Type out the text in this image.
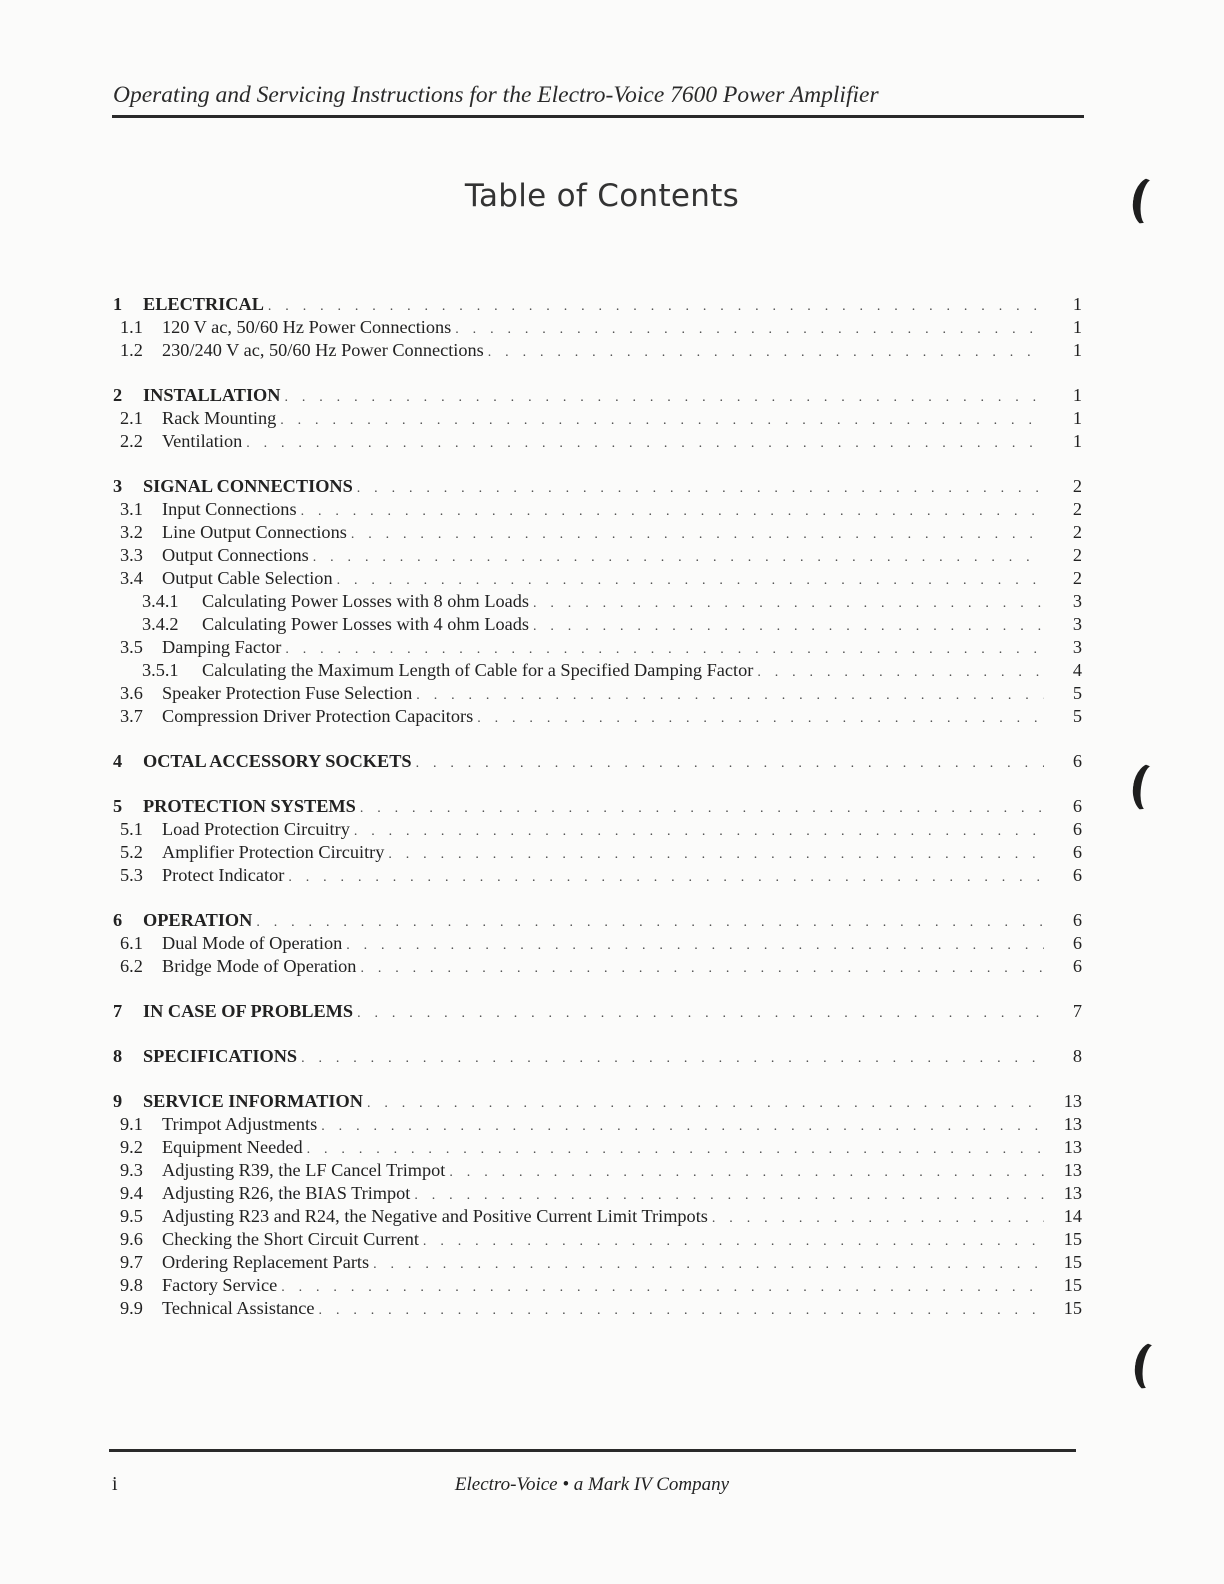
Operating and Servicing Instructions for the Electro-Voice 7600 Power Amplifier
Table of Contents
1	ELECTRICAL . . .	1
1.1	120 V ac, 50/60 Hz Power Connections . . .	1
1.2	230/240 V ac, 50/60 Hz Power Connections . . .	1
2	INSTALLATION . . .	1
2.1	Rack Mounting . . .	1
2.2	Ventilation . . .	1
3	SIGNAL CONNECTIONS . . .	2
3.1	Input Connections . . .	2
3.2	Line Output Connections . . .	2
3.3	Output Connections . . .	2
3.4	Output Cable Selection . . .	2
3.4.1	Calculating Power Losses with 8 ohm Loads . . .	3
3.4.2	Calculating Power Losses with 4 ohm Loads . . .	3
3.5	Damping Factor . . .	3
3.5.1	Calculating the Maximum Length of Cable for a Specified Damping Factor . . .	4
3.6	Speaker Protection Fuse Selection . . .	5
3.7	Compression Driver Protection Capacitors . . .	5
4	OCTAL ACCESSORY SOCKETS . . .	6
5	PROTECTION SYSTEMS . . .	6
5.1	Load Protection Circuitry . . .	6
5.2	Amplifier Protection Circuitry . . .	6
5.3	Protect Indicator . . .	6
6	OPERATION . . .	6
6.1	Dual Mode of Operation . . .	6
6.2	Bridge Mode of Operation . . .	6
7	IN CASE OF PROBLEMS . . .	7
8	SPECIFICATIONS . . .	8
9	SERVICE INFORMATION . . .	13
9.1	Trimpot Adjustments . . .	13
9.2	Equipment Needed . . .	13
9.3	Adjusting R39, the LF Cancel Trimpot . . .	13
9.4	Adjusting R26, the BIAS Trimpot . . .	13
9.5	Adjusting R23 and R24, the Negative and Positive Current Limit Trimpots . . .	14
9.6	Checking the Short Circuit Current . . .	15
9.7	Ordering Replacement Parts . . .	15
9.8	Factory Service . . .	15
9.9	Technical Assistance . . .	15
i	Electro-Voice • a Mark IV Company
